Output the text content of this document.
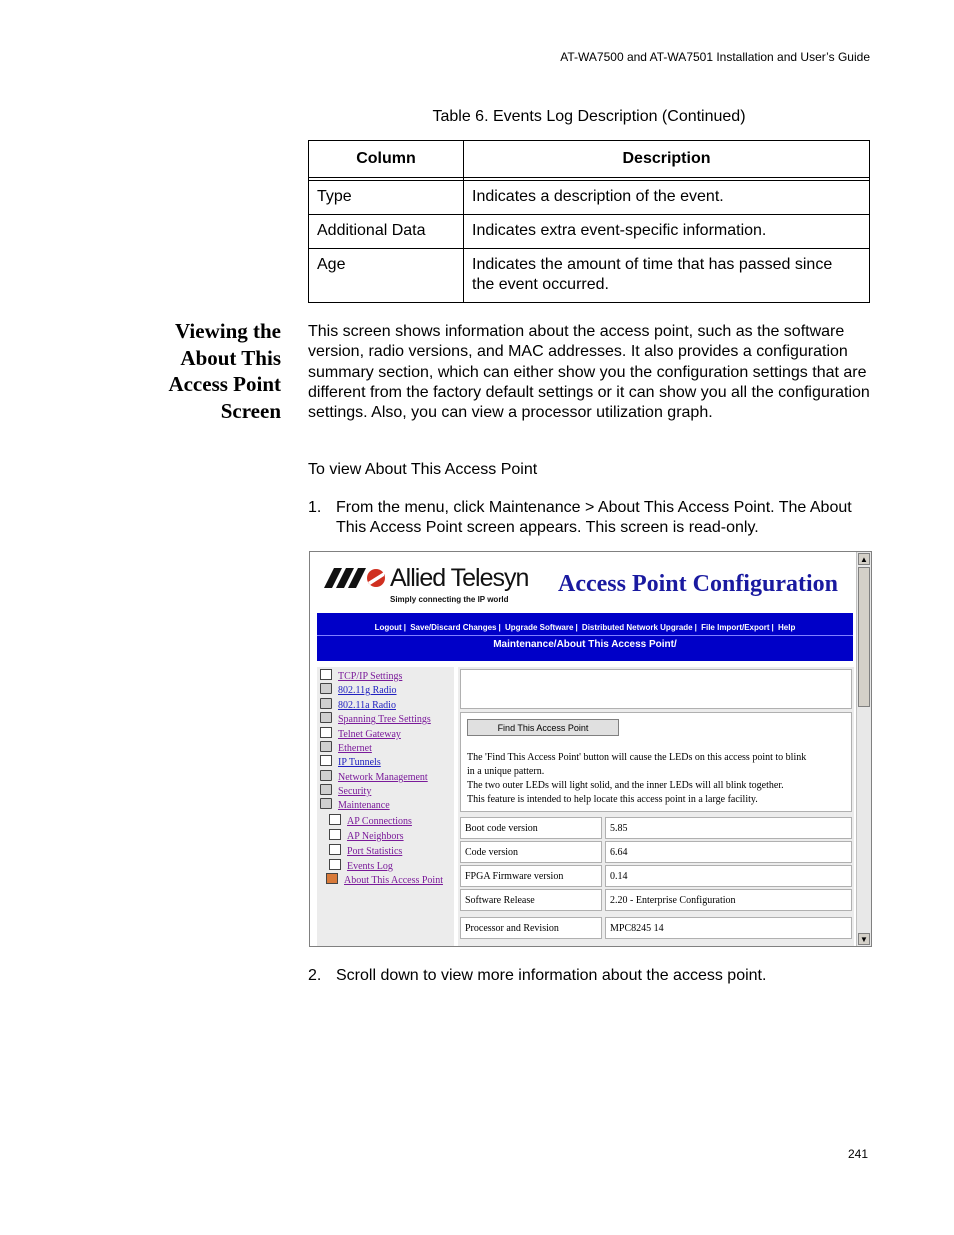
AT-WA7500 and AT-WA7501 Installation and User’s Guide
Table 6. Events Log Description (Continued)
Column	Description

Type	Indicates a description of the event.
Additional Data	Indicates extra event-specific information.
Age	Indicates the amount of time that has passed since the event occurred.
Viewing the
About This
Access Point
Screen
This screen shows information about the access point, such as the software version, radio versions, and MAC addresses. It also provides a configuration summary section, which can either show you the configuration settings that are different from the factory default settings or it can show you all the configuration settings. Also, you can view a processor utilization graph.
To view About This Access Point
1. From the menu, click Maintenance > About This Access Point. The About This Access Point screen appears. This screen is read-only.
Allied Telesyn
Simply connecting the IP world
Access Point Configuration
Logout | Save/Discard Changes | Upgrade Software | Distributed Network Upgrade | File Import/Export | Help
Maintenance/About This Access Point/
TCP/IP Settings
802.11g Radio
802.11a Radio
Spanning Tree Settings
Telnet Gateway
Ethernet
IP Tunnels
Network Management
Security
Maintenance
AP Connections
AP Neighbors
Port Statistics
Events Log
About This Access Point
Find This Access Point
The 'Find This Access Point' button will cause the LEDs on this access point to blink
in a unique pattern.
The two outer LEDs will light solid, and the inner LEDs will all blink together.
This feature is intended to help locate this access point in a large facility.
Boot code version	5.85
Code version	6.64
FPGA Firmware version	0.14
Software Release	2.20 - Enterprise Configuration
Processor and Revision	MPC8245 14
▲
▼
2. Scroll down to view more information about the access point.
241
